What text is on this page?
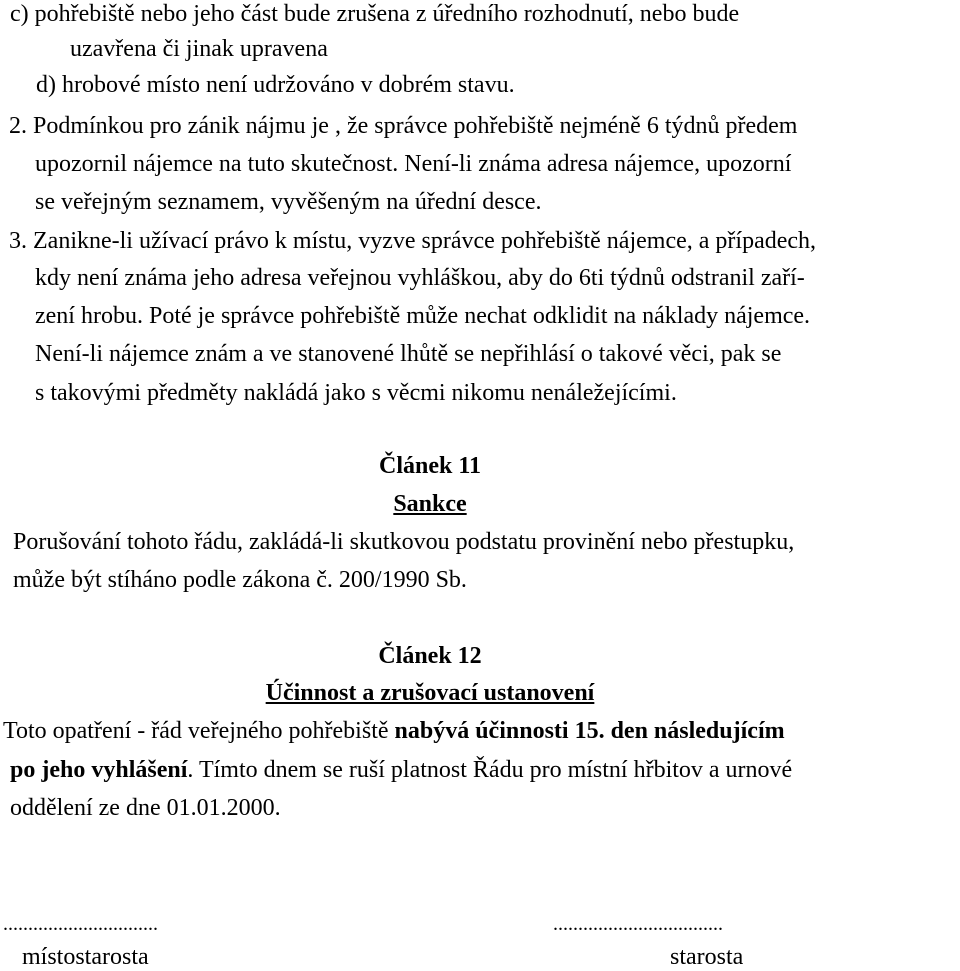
c) pohřebiště nebo jeho část bude zrušena z úředního rozhodnutí, nebo bude
uzavřena či jinak upravena
d) hrobové místo není udržováno v dobrém stavu.
2. Podmínkou pro zánik nájmu je , že správce pohřebiště nejméně 6 týdnů předem
upozornil nájemce na tuto skutečnost. Není-li známa adresa nájemce, upozorní
se veřejným seznamem, vyvěšeným na úřední desce.
3. Zanikne-li užívací právo k místu, vyzve správce pohřebiště nájemce, a případech,
kdy není známa jeho adresa veřejnou vyhláškou, aby do 6ti týdnů odstranil zaří-
zení hrobu. Poté je správce pohřebiště může nechat odklidit na náklady nájemce.
Není-li nájemce znám a ve stanovené lhůtě se nepřihlásí o takové věci, pak se
s takovými předměty nakládá jako s věcmi nikomu nenáležejícími.
Článek 11
Sankce
Porušování tohoto řádu, zakládá-li skutkovou podstatu provinění nebo přestupku,
může být stíháno podle zákona č. 200/1990 Sb.
Článek 12
Účinnost a zrušovací ustanovení
Toto opatření - řád veřejného pohřebiště nabývá účinnosti 15. den následujícím
po jeho vyhlášení. Tímto dnem se ruší platnost Řádu pro místní hřbitov a urnové
oddělení ze dne 01.01.2000.
...............................	..................................
místostarosta	starosta
